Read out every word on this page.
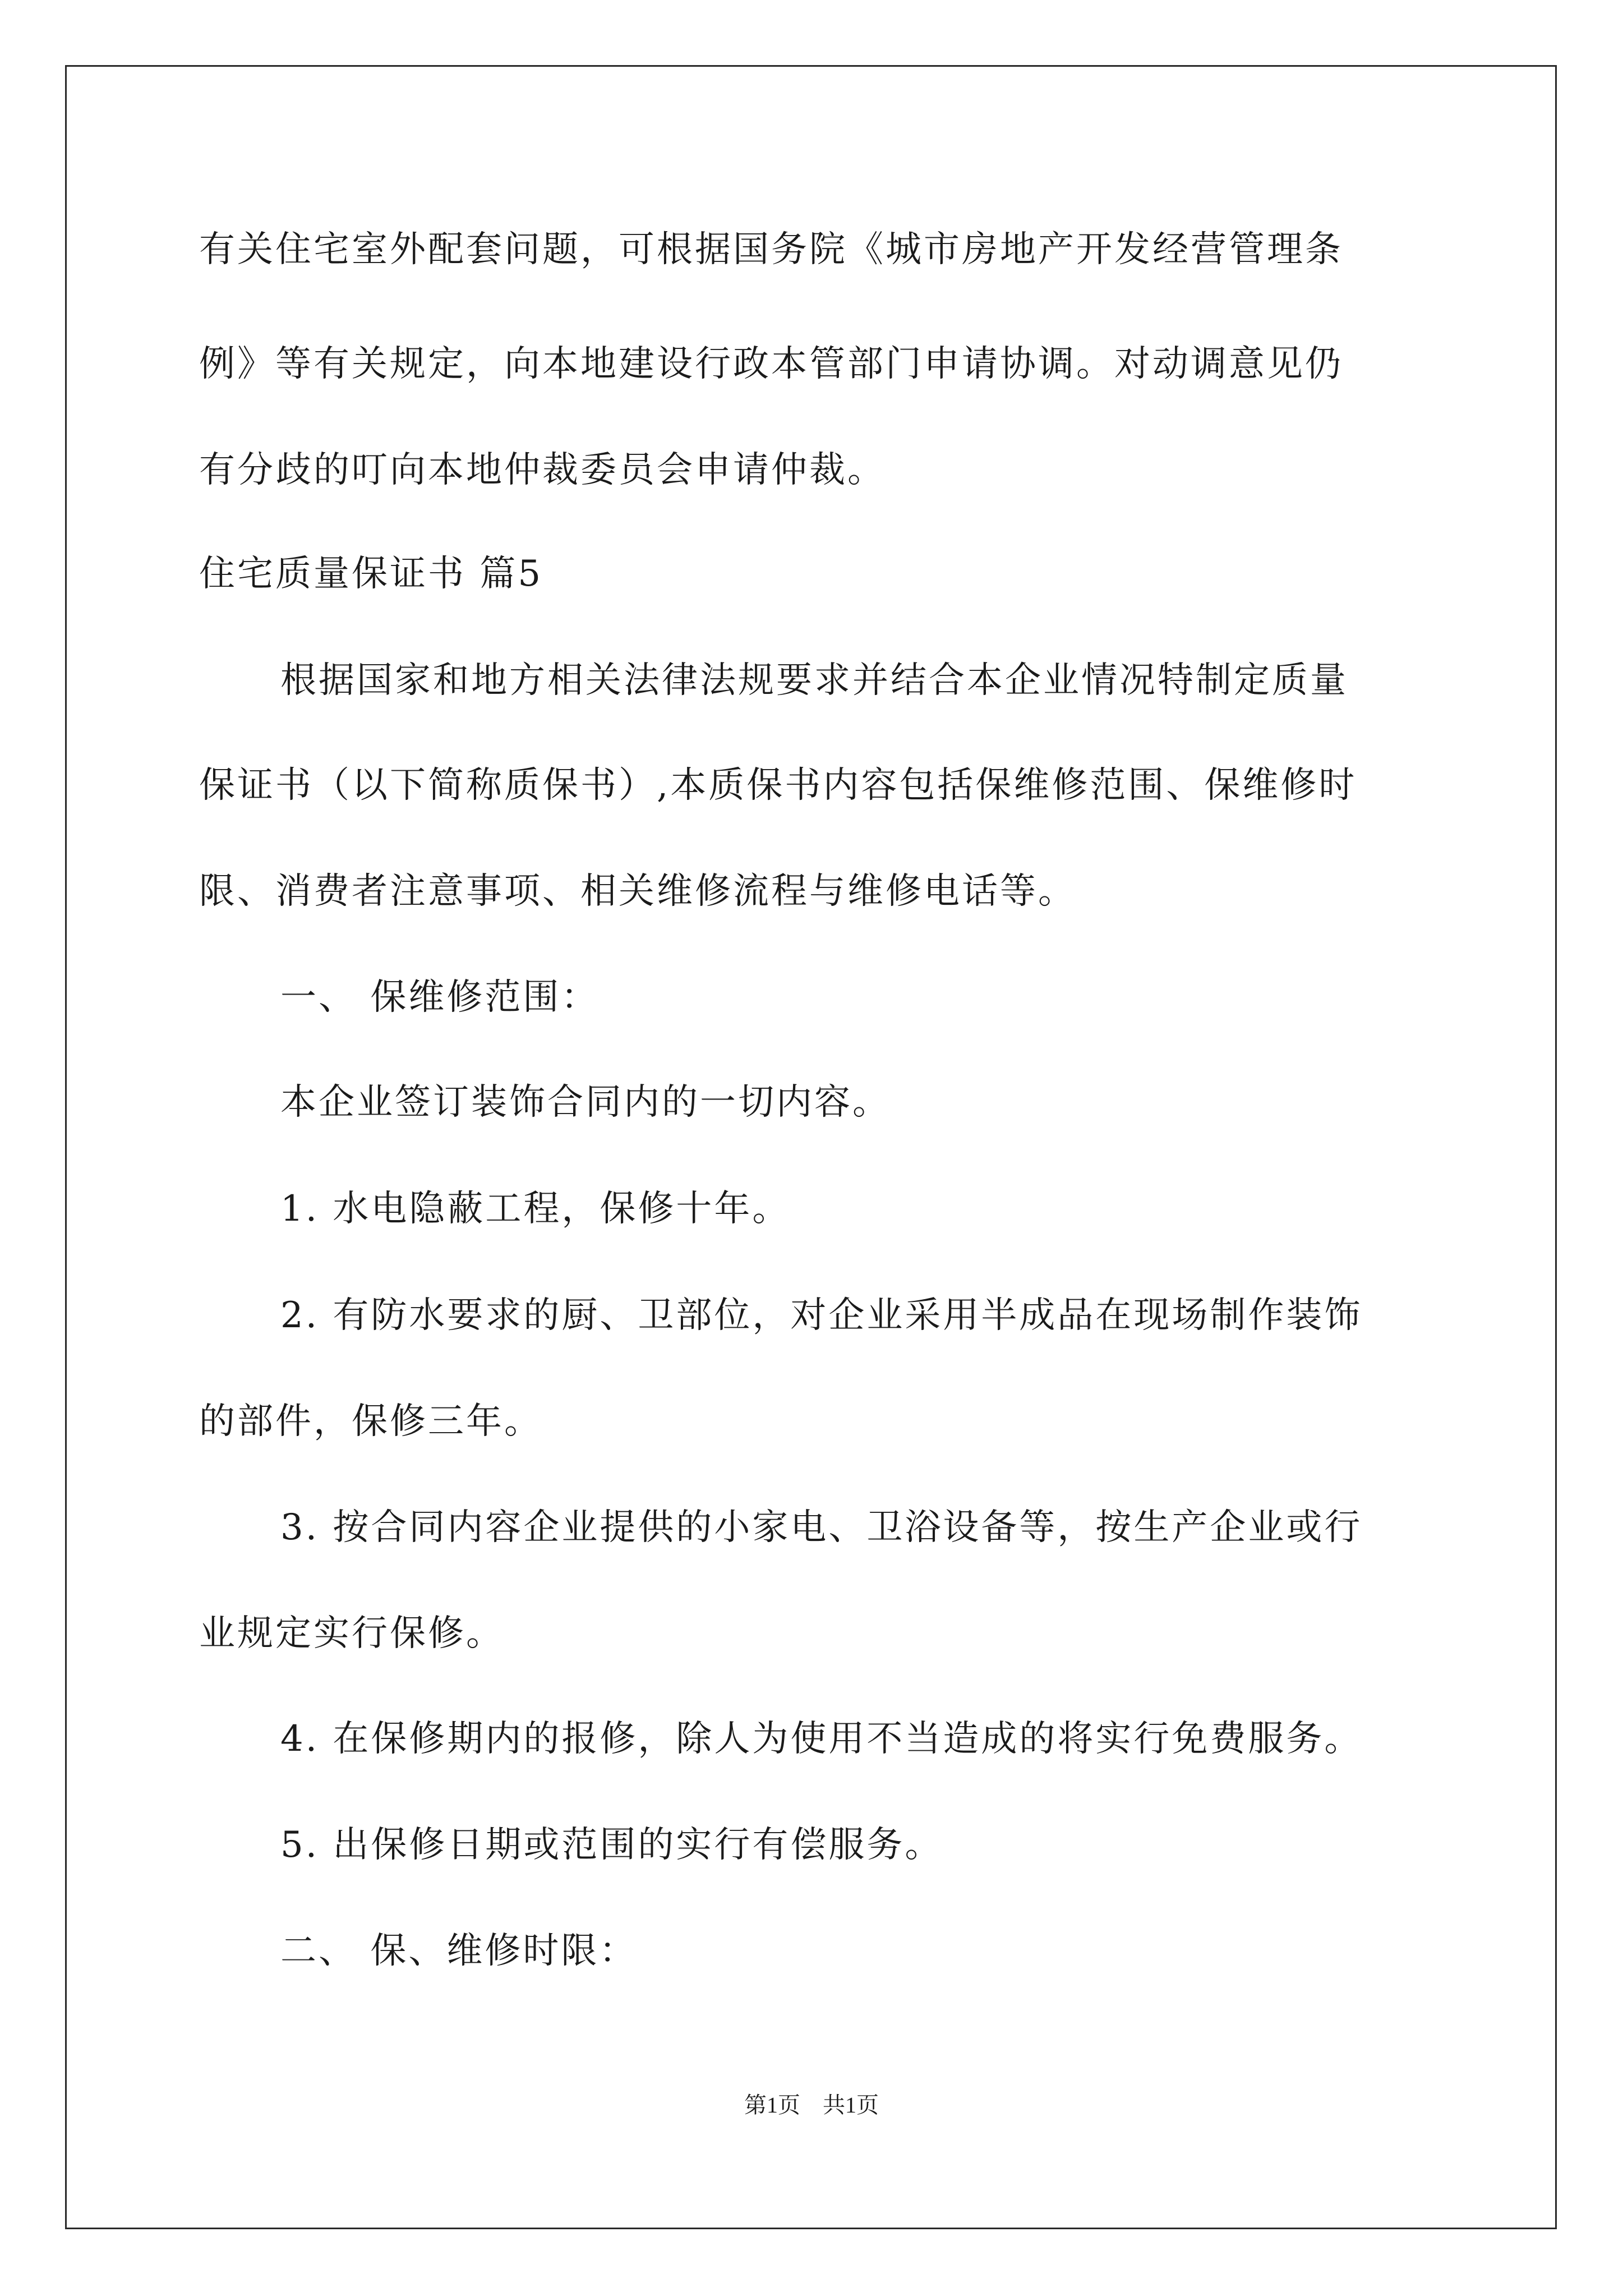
有关住宅室外配套问题，可根据国务院《城市房地产开发经营管理条
例》等有关规定，向本地建设行政本管部门申请协调。对动调意见仍
有分歧的叮向本地仲裁委员会申请仲裁。
住宅质量保证书 篇5
根据国家和地方相关法律法规要求并结合本企业情况特制定质量
保证书（以下简称质保书）,本质保书内容包括保维修范围、保维修时
限、消费者注意事项、相关维修流程与维修电话等。
一、 保维修范围：
本企业签订装饰合同内的一切内容。
1. 水电隐蔽工程，保修十年。
2. 有防水要求的厨、卫部位，对企业采用半成品在现场制作装饰
的部件，保修三年。
3. 按合同内容企业提供的小家电、卫浴设备等，按生产企业或行
业规定实行保修。
4. 在保修期内的报修，除人为使用不当造成的将实行免费服务。
5. 出保修日期或范围的实行有偿服务。
二、 保、维修时限：
第1页　共1页
